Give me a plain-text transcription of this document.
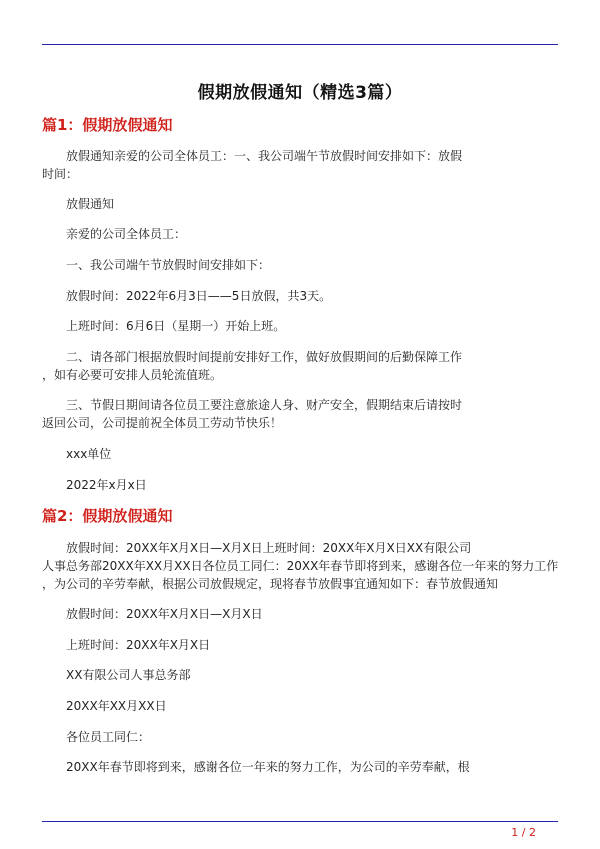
假期放假通知（精选3篇）
篇1：假期放假通知
放假通知亲爱的公司全体员工：一、我公司端午节放假时间安排如下：放假
时间：
放假通知
亲爱的公司全体员工：
一、我公司端午节放假时间安排如下：
放假时间：2022年6月3日——5日放假，共3天。
上班时间：6月6日（星期一）开始上班。
二、请各部门根据放假时间提前安排好工作，做好放假期间的后勤保障工作
，如有必要可安排人员轮流值班。
三、节假日期间请各位员工要注意旅途人身、财产安全，假期结束后请按时
返回公司，公司提前祝全体员工劳动节快乐！
xxx单位
2022年x月x日
篇2：假期放假通知
放假时间：20XX年X月X日—X月X日上班时间：20XX年X月X日XX有限公司
人事总务部20XX年XX月XX日各位员工同仁：20XX年春节即将到来，感谢各位一年来的努力工作
，为公司的辛劳奉献，根据公司放假规定，现将春节放假事宜通知如下：春节放假通知
放假时间：20XX年X月X日—X月X日
上班时间：20XX年X月X日
XX有限公司人事总务部
20XX年XX月XX日
各位员工同仁：
20XX年春节即将到来，感谢各位一年来的努力工作，为公司的辛劳奉献，根
1 / 2
